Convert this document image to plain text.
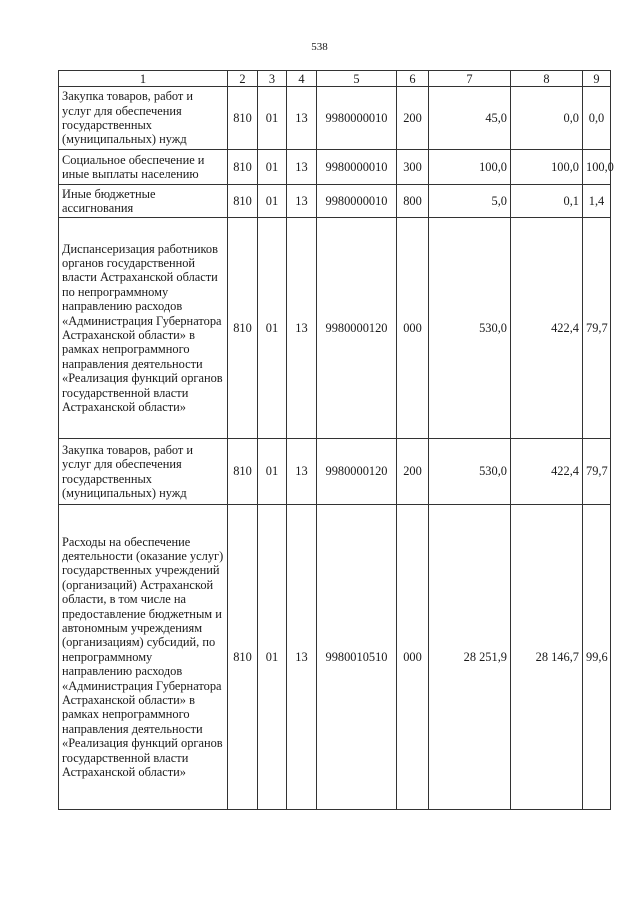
538
1	2	3	4	5	6	7	8	9
Закупка товаров, работ и услуг для обеспечения государственных (муниципальных) нужд	810	01	13	9980000010	200	45,0	0,0	0,0
Социальное обеспечение и иные выплаты населению	810	01	13	9980000010	300	100,0	100,0	100,0
Иные бюджетные ассигнования	810	01	13	9980000010	800	5,0	0,1	1,4
Диспансеризация работников органов государственной власти Астраханской области по непрограммному направлению расходов «Администрация Губернатора Астраханской области» в рамках непрограммного направления деятельности «Реализация функций органов государственной власти Астраханской области»	810	01	13	9980000120	000	530,0	422,4	79,7
Закупка товаров, работ и услуг для обеспечения государственных (муниципальных) нужд	810	01	13	9980000120	200	530,0	422,4	79,7
Расходы на обеспечение деятельности (оказание услуг) государственных учреждений (организаций) Астраханской области, в том числе на предоставление бюджетным и автономным учреждениям (организациям) субсидий, по непрограммному направлению расходов «Администрация Губернатора Астраханской области» в рамках непрограммного направления деятельности «Реализация функций органов государственной власти Астраханской области»	810	01	13	9980010510	000	28 251,9	28 146,7	99,6
